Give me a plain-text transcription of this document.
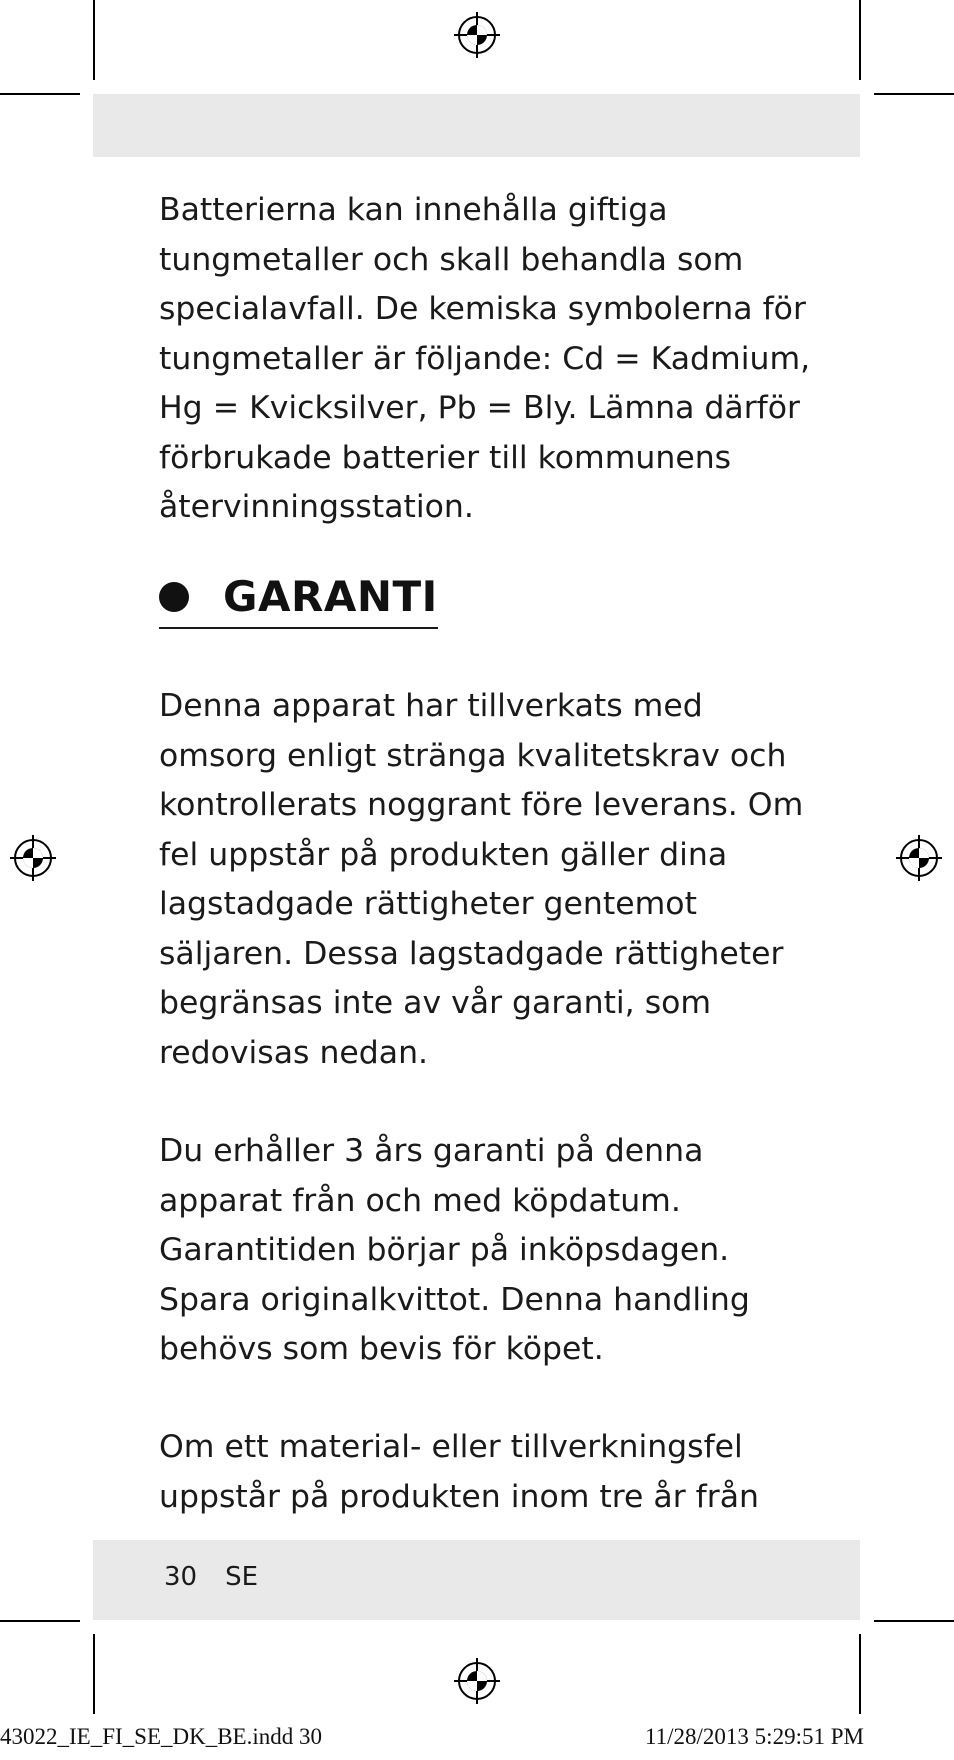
Batterierna kan innehålla giftiga
tungmetaller och skall behandla som
specialavfall. De kemiska symbolerna för
tungmetaller är följande: Cd = Kadmium,
Hg = Kvicksilver, Pb = Bly. Lämna därför
förbrukade batterier till kommunens
återvinningsstation.

GARANTI

Denna apparat har tillverkats med
omsorg enligt stränga kvalitetskrav och
kontrollerats noggrant före leverans. Om
fel uppstår på produkten gäller dina
lagstadgade rättigheter gentemot
säljaren. Dessa lagstadgade rättigheter
begränsas inte av vår garanti, som
redovisas nedan.

Du erhåller 3 års garanti på denna
apparat från och med köpdatum.
Garantitiden börjar på inköpsdagen.
Spara originalkvittot. Denna handling
behövs som bevis för köpet.

Om ett material- eller tillverkningsfel
uppstår på produkten inom tre år från

30 SE
43022_IE_FI_SE_DK_BE.indd 30	11/28/2013 5:29:51 PM
